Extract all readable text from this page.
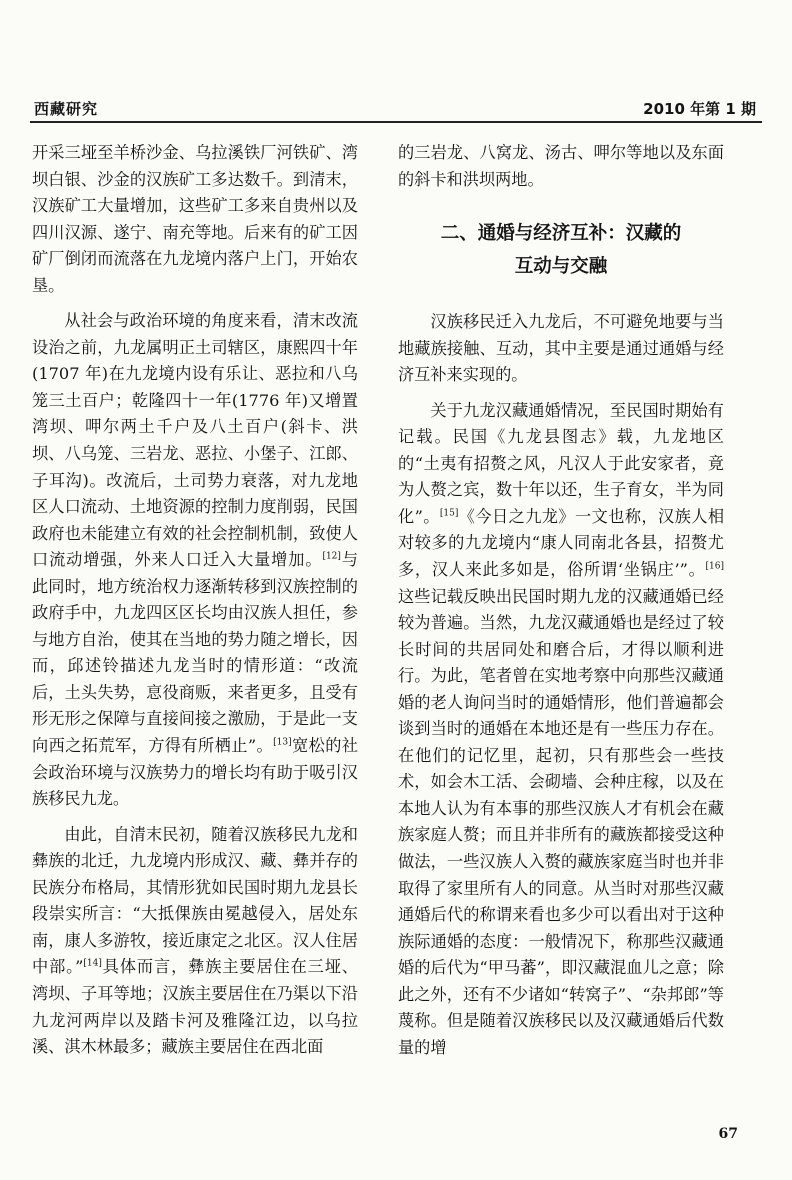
西藏研究	2010 年第 1 期

开采三垭至羊桥沙金、乌拉溪铁厂河铁矿、湾坝白银、沙金的汉族矿工多达数千。到清末，汉族矿工大量增加，这些矿工多来自贵州以及四川汉源、遂宁、南充等地。后来有的矿工因矿厂倒闭而流落在九龙境内落户上门，开始农垦。

从社会与政治环境的角度来看，清末改流设治之前，九龙属明正土司辖区，康熙四十年(1707 年)在九龙境内设有乐让、恶拉和八乌笼三土百户；乾隆四十一年(1776 年)又增置湾坝、呷尔两土千户及八土百户(斜卡、洪坝、八乌笼、三岩龙、恶拉、小堡子、江郎、子耳沟)。改流后，土司势力衰落，对九龙地区人口流动、土地资源的控制力度削弱，民国政府也未能建立有效的社会控制机制，致使人口流动增强，外来人口迁入大量增加。[12]与此同时，地方统治权力逐渐转移到汉族控制的政府手中，九龙四区区长均由汉族人担任，参与地方自治，使其在当地的势力随之增长，因而，邱述铃描述九龙当时的情形道：“改流后，土头失势，恴役商贩，来者更多，且受有形无形之保障与直接间接之激励，于是此一支向西之拓荒军，方得有所栖止”。[13]宽松的社会政治环境与汉族势力的增长均有助于吸引汉族移民九龙。

由此，自清末民初，随着汉族移民九龙和彝族的北迁，九龙境内形成汉、藏、彝并存的民族分布格局，其情形犹如民国时期九龙县长段崇实所言：“大抵倮族由冕越侵入，居处东南，康人多游牧，接近康定之北区。汉人住居中部。”[14]具体而言，彝族主要居住在三垭、湾坝、子耳等地；汉族主要居住在乃渠以下沿九龙河两岸以及踏卡河及雅隆江边，以乌拉溪、淇木林最多；藏族主要居住在西北面

的三岩龙、八窝龙、汤古、呷尔等地以及东面的斜卡和洪坝两地。

二、通婚与经济互补：汉藏的
互动与交融

汉族移民迁入九龙后，不可避免地要与当地藏族接触、互动，其中主要是通过通婚与经济互补来实现的。

关于九龙汉藏通婚情况，至民国时期始有记载。民国《九龙县图志》载，九龙地区的“土夷有招赘之风，凡汉人于此安家者，竟为人赘之宾，数十年以还，生子育女，半为同化”。[15]《今日之九龙》一文也称，汉族人相对较多的九龙境内“康人同南北各县，招赘尤多，汉人来此多如是，俗所谓‘坐锅庄’”。[16]这些记载反映出民国时期九龙的汉藏通婚已经较为普遍。当然，九龙汉藏通婚也是经过了较长时间的共居同处和磨合后，才得以顺利进行。为此，笔者曾在实地考察中向那些汉藏通婚的老人询问当时的通婚情形，他们普遍都会谈到当时的通婚在本地还是有一些压力存在。在他们的记忆里，起初，只有那些会一些技术，如会木工活、会砌墙、会种庄稼，以及在本地人认为有本事的那些汉族人才有机会在藏族家庭人赘；而且并非所有的藏族都接受这种做法，一些汉族人入赘的藏族家庭当时也并非取得了家里所有人的同意。从当时对那些汉藏通婚后代的称谓来看也多少可以看出对于这种族际通婚的态度：一般情况下，称那些汉藏通婚的后代为“甲马蕃”，即汉藏混血儿之意；除此之外，还有不少诸如“转窝子”、“杂邦郎”等蔑称。但是随着汉族移民以及汉藏通婚后代数量的增

67
